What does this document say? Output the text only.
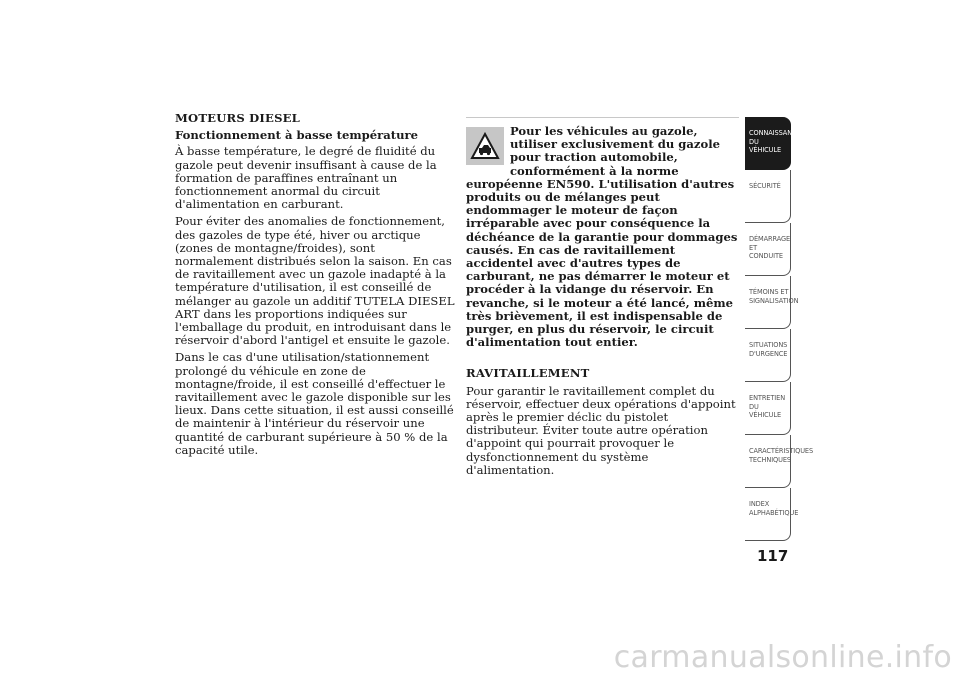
MOTEURS DIESEL
Fonctionnement à basse température

À basse température, le degré de fluidité du gazole peut devenir insuffisant à cause de la formation de paraffines entraînant un fonctionnement anormal du circuit d'alimentation en carburant.

Pour éviter des anomalies de fonctionnement, des gazoles de type été, hiver ou arctique (zones de montagne/froides), sont normalement distribués selon la saison. En cas de ravitaillement avec un gazole inadapté à la température d'utilisation, il est conseillé de mélanger au gazole un additif TUTELA DIESEL ART dans les proportions indiquées sur l'emballage du produit, en introduisant dans le réservoir d'abord l'antigel et ensuite le gazole.

Dans le cas d'une utilisation/stationnement prolongé du véhicule en zone de montagne/froide, il est conseillé d'effectuer le ravitaillement avec le gazole disponible sur les lieux. Dans cette situation, il est aussi conseillé de maintenir à l'intérieur du réservoir une quantité de carburant supérieure à 50 % de la capacité utile.

Pour les véhicules au gazole, utiliser exclusivement du gazole pour traction automobile, conformément à la norme européenne EN590. L'utilisation d'autres produits ou de mélanges peut endommager le moteur de façon irréparable avec pour conséquence la déchéance de la garantie pour dommages causés. En cas de ravitaillement accidentel avec d'autres types de carburant, ne pas démarrer le moteur et procéder à la vidange du réservoir. En revanche, si le moteur a été lancé, même très brièvement, il est indispensable de purger, en plus du réservoir, le circuit d'alimentation tout entier.

RAVITAILLEMENT

Pour garantir le ravitaillement complet du réservoir, effectuer deux opérations d'appoint après le premier déclic du pistolet distributeur. Éviter toute autre opération d'appoint qui pourrait provoquer le dysfonctionnement du système d'alimentation.

CONNAISSANCE DU VÉHICULE
SÉCURITÉ
DÉMARRAGE ET CONDUITE
TÉMOINS ET SIGNALISATION
SITUATIONS D'URGENCE
ENTRETIEN DU VÉHICULE
CARACTÉRISTIQUES TECHNIQUES
INDEX ALPHABÉTIQUE
117
carmanualsonline.info
